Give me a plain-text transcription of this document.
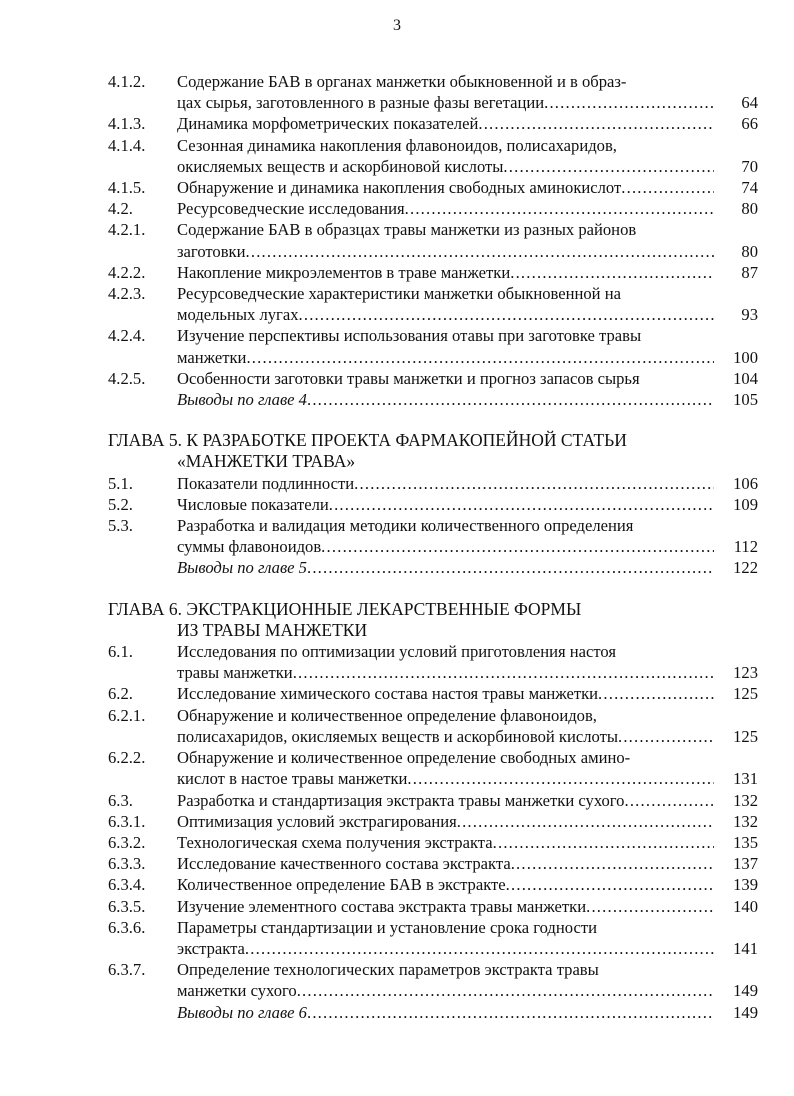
3
4.1.2.	Содержание БАВ в органах манжетки обыкновенной и в образ-
цах сырья, заготовленного в разные фазы вегетации .....	64
4.1.3.	Динамика морфометрических показателей .....	66
4.1.4.	Сезонная динамика накопления флавоноидов, полисахаридов,
окисляемых веществ и аскорбиновой кислоты .....	70
4.1.5.	Обнаружение и динамика накопления свободных аминокислот .....	74
4.2.	Ресурсоведческие исследования .....	80
4.2.1.	Содержание БАВ в образцах травы манжетки из разных районов
заготовки .....	80
4.2.2.	Накопление микроэлементов в траве манжетки .....	87
4.2.3.	Ресурсоведческие характеристики манжетки обыкновенной на
модельных лугах .....	93
4.2.4.	Изучение перспективы использования отавы при заготовке травы
манжетки .....	100
4.2.5.	Особенности заготовки травы манжетки и прогноз запасов сырья	104
Выводы по главе 4 .....	105
ГЛАВА 5. К РАЗРАБОТКЕ ПРОЕКТА ФАРМАКОПЕЙНОЙ СТАТЬИ
«МАНЖЕТКИ ТРАВА»
5.1.	Показатели подлинности .....	106
5.2.	Числовые показатели .....	109
5.3.	Разработка и валидация методики количественного определения
суммы флавоноидов .....	112
Выводы по главе 5 .....	122
ГЛАВА 6. ЭКСТРАКЦИОННЫЕ ЛЕКАРСТВЕННЫЕ ФОРМЫ
ИЗ ТРАВЫ МАНЖЕТКИ
6.1.	Исследования по оптимизации условий приготовления настоя
травы манжетки .....	123
6.2.	Исследование химического состава настоя травы манжетки .....	125
6.2.1.	Обнаружение и количественное определение флавоноидов,
полисахаридов, окисляемых веществ и аскорбиновой кислоты .....	125
6.2.2.	Обнаружение и количественное определение свободных амино-
кислот в настое травы манжетки .....	131
6.3.	Разработка и стандартизация экстракта травы манжетки сухого .....	132
6.3.1.	Оптимизация условий экстрагирования .....	132
6.3.2.	Технологическая схема получения экстракта .....	135
6.3.3.	Исследование качественного состава экстракта .....	137
6.3.4.	Количественное определение БАВ в экстракте .....	139
6.3.5.	Изучение элементного состава экстракта травы манжетки .....	140
6.3.6.	Параметры стандартизации и установление срока годности
экстракта .....	141
6.3.7.	Определение технологических параметров экстракта травы
манжетки сухого .....	149
Выводы по главе 6 .....	149
